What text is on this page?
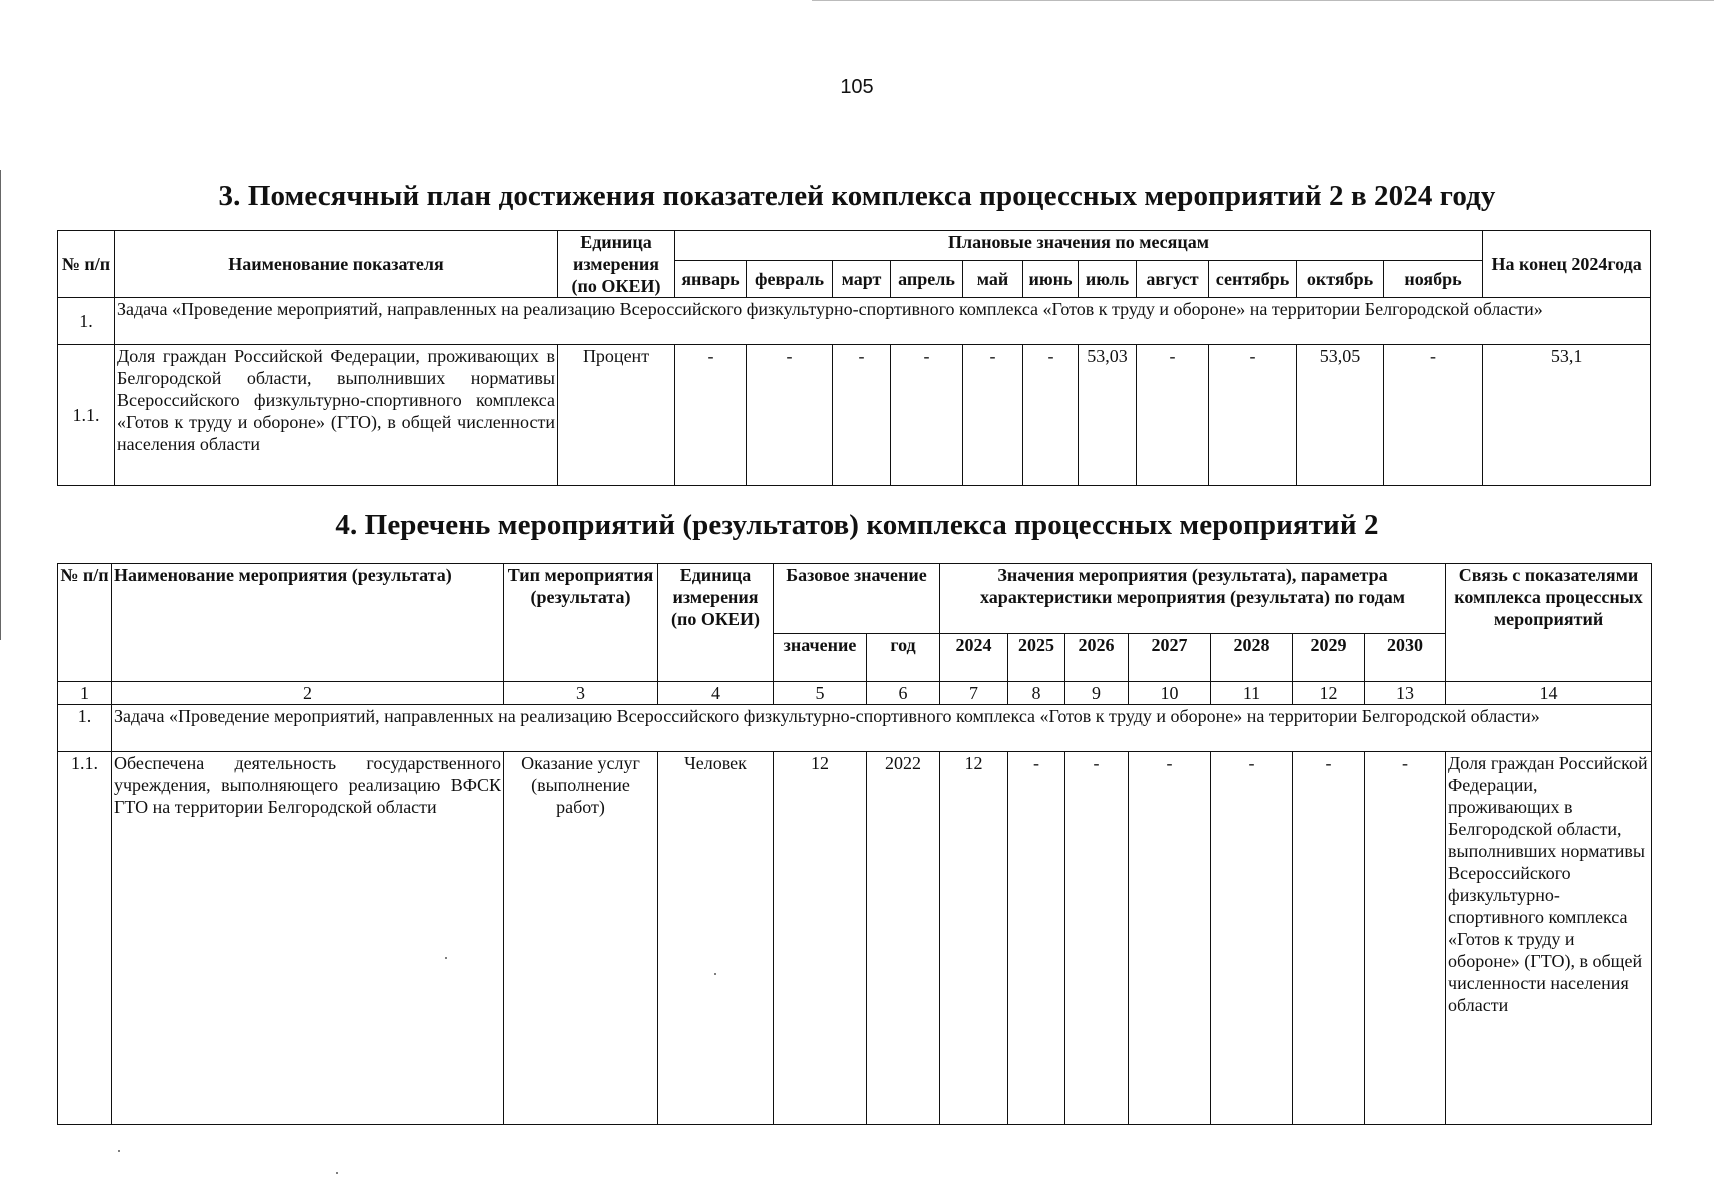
105
3. Помесячный план достижения показателей комплекса процессных мероприятий 2 в 2024 году
№ п/п	Наименование показателя	Единица измерения (по ОКЕИ)	Плановые значения по месяцам											На конец 2024года
			январь	февраль	март	апрель	май	июнь	июль	август	сентябрь	октябрь	ноябрь	
1.	Задача «Проведение мероприятий, направленных на реализацию Всероссийского физкультурно-спортивного комплекса «Готов к труду и обороне» на территории Белгородской области»													
1.1.	Доля граждан Российской Федерации, проживающих в Белгородской области, выполнивших нормативы Всероссийского физкультурно-спортивного комплекса «Готов к труду и обороне» (ГТО), в общей численности населения области	Процент	-	-	-	-	-	-	53,03	-	-	53,05	-	53,1
4. Перечень мероприятий (результатов) комплекса процессных мероприятий 2
№ п/п	Наименование мероприятия (результата)	Тип мероприятия (результата)	Единица измерения (по ОКЕИ)	Базовое значение		Значения мероприятия (результата), параметра характеристики мероприятия (результата) по годам							Связь с показателями комплекса процессных мероприятий
				значение	год	2024	2025	2026	2027	2028	2029	2030	
1	2	3	4	5	6	7	8	9	10	11	12	13	14
1.	Задача «Проведение мероприятий, направленных на реализацию Всероссийского физкультурно-спортивного комплекса «Готов к труду и обороне» на территории Белгородской области»												
1.1.	Обеспечена деятельность государственного учреждения, выполняющего реализацию ВФСК ГТО на территории Белгородской области	Оказание услуг (выполнение работ)	Человек	12	2022	12	-	-	-	-	-	-	Доля граждан Российской Федерации, проживающих в Белгородской области, выполнивших нормативы Всероссийского физкультурно-спортивного комплекса «Готов к труду и обороне» (ГТО), в общей численности населения области
